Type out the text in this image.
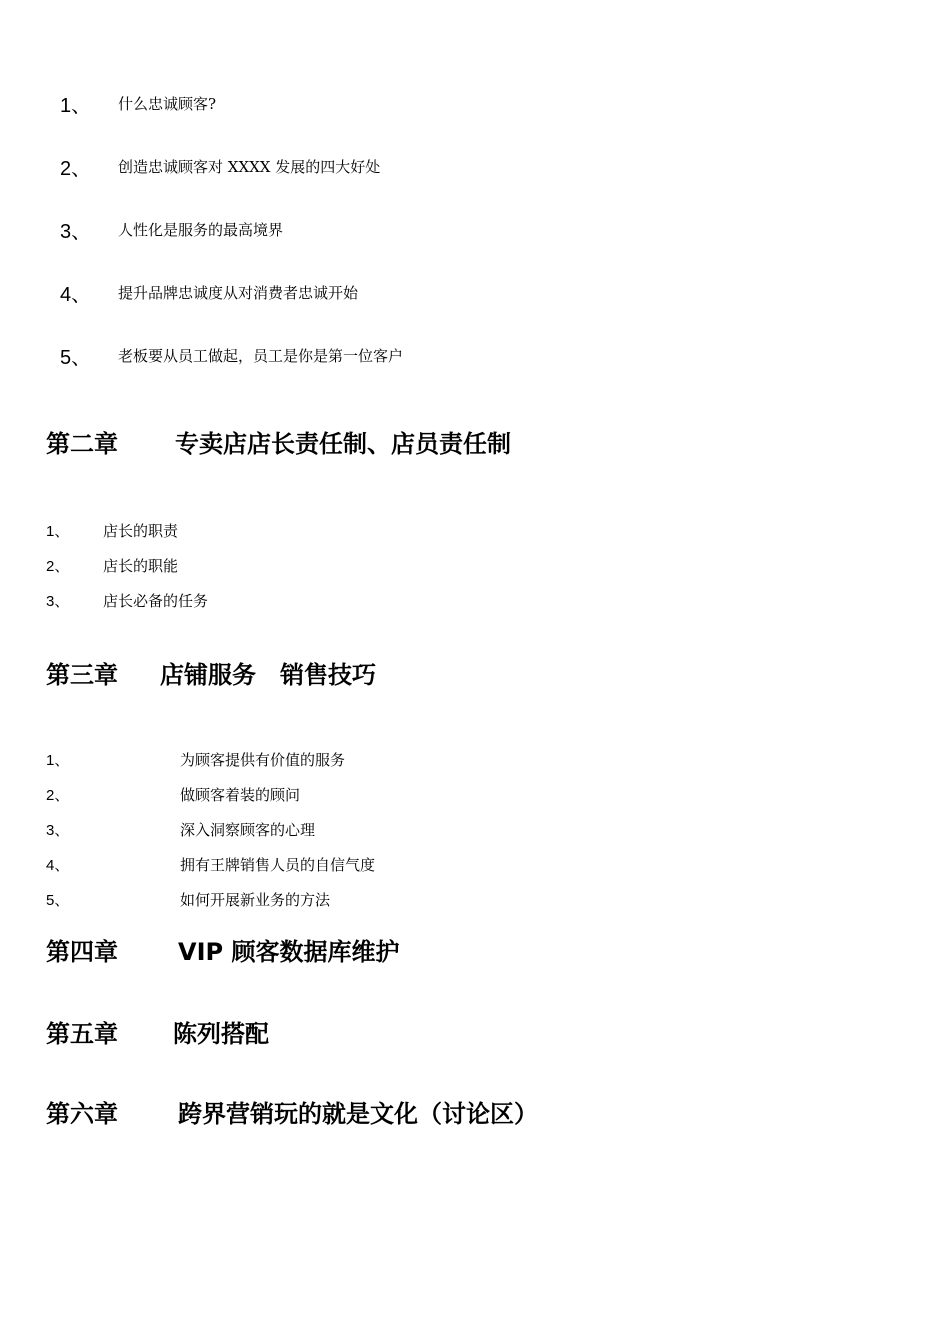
1、 什么忠诚顾客?
2、 创造忠诚顾客对 XXXX 发展的四大好处
3、 人性化是服务的最高境界
4、 提升品牌忠诚度从对消费者忠诚开始
5、 老板要从员工做起，员工是你是第一位客户
第二章 专卖店店长责任制、店员责任制
1、 店长的职责
2、 店长的职能
3、 店长必备的任务
第三章 店铺服务　销售技巧
1、	为顾客提供有价值的服务
2、	做顾客着装的顾问
3、	深入洞察顾客的心理
4、	拥有王牌销售人员的自信气度
5、	如何开展新业务的方法
第四章	VIP 顾客数据库维护
第五章 陈列搭配
第六章	跨界营销玩的就是文化（讨论区）
